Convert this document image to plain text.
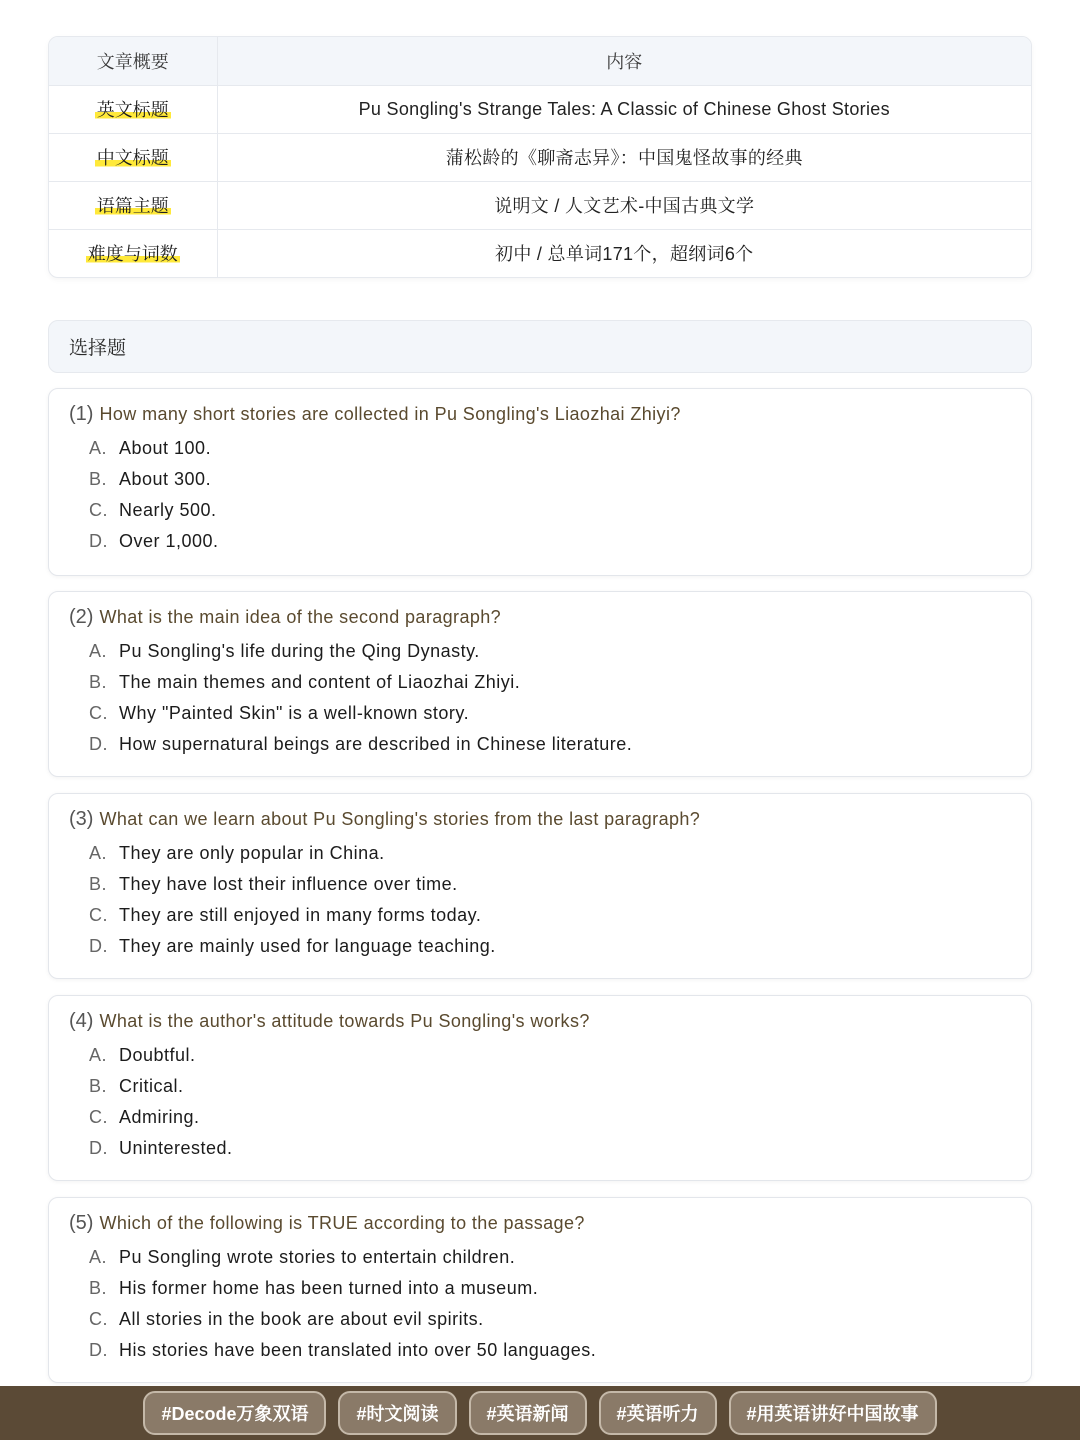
文章概要	内容
英文标题	Pu Songling's Strange Tales: A Classic of Chinese Ghost Stories
中文标题	蒲松龄的《聊斋志异》：中国鬼怪故事的经典
语篇主题	说明文 / 人文艺术-中国古典文学
难度与词数	初中 / 总单词171个，超纲词6个
选择题
(1) How many short stories are collected in Pu Songling's Liaozhai Zhiyi?
A. About 100.
B. About 300.
C. Nearly 500.
D. Over 1,000.
(2) What is the main idea of the second paragraph?
A. Pu Songling's life during the Qing Dynasty.
B. The main themes and content of Liaozhai Zhiyi.
C. Why "Painted Skin" is a well-known story.
D. How supernatural beings are described in Chinese literature.
(3) What can we learn about Pu Songling's stories from the last paragraph?
A. They are only popular in China.
B. They have lost their influence over time.
C. They are still enjoyed in many forms today.
D. They are mainly used for language teaching.
(4) What is the author's attitude towards Pu Songling's works?
A. Doubtful.
B. Critical.
C. Admiring.
D. Uninterested.
(5) Which of the following is TRUE according to the passage?
A. Pu Songling wrote stories to entertain children.
B. His former home has been turned into a museum.
C. All stories in the book are about evil spirits.
D. His stories have been translated into over 50 languages.
#Decode万象双语	#时文阅读	#英语新闻	#英语听力	#用英语讲好中国故事
